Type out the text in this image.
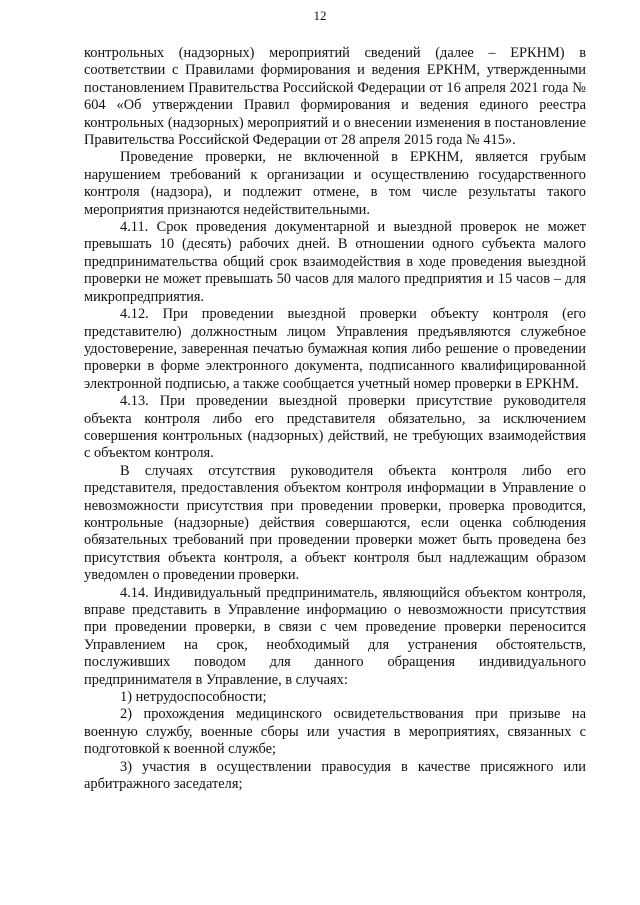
12

контрольных (надзорных) мероприятий сведений (далее – ЕРКНМ) в соответствии с Правилами формирования и ведения ЕРКНМ, утвержденными постановлением Правительства Российской Федерации от 16 апреля 2021 года № 604 «Об утверждении Правил формирования и ведения единого реестра контрольных (надзорных) мероприятий и о внесении изменения в постановление Правительства Российской Федерации от 28 апреля 2015 года № 415».

Проведение проверки, не включенной в ЕРКНМ, является грубым нарушением требований к организации и осуществлению государственного контроля (надзора), и подлежит отмене, в том числе результаты такого мероприятия признаются недействительными.

4.11. Срок проведения документарной и выездной проверок не может превышать 10 (десять) рабочих дней. В отношении одного субъекта малого предпринимательства общий срок взаимодействия в ходе проведения выездной проверки не может превышать 50 часов для малого предприятия и 15 часов – для микропредприятия.

4.12. При проведении выездной проверки объекту контроля (его представителю) должностным лицом Управления предъявляются служебное удостоверение, заверенная печатью бумажная копия либо решение о проведении проверки в форме электронного документа, подписанного квалифицированной электронной подписью, а также сообщается учетный номер проверки в ЕРКНМ.

4.13. При проведении выездной проверки присутствие руководителя объекта контроля либо его представителя обязательно, за исключением совершения контрольных (надзорных) действий, не требующих взаимодействия с объектом контроля.

В случаях отсутствия руководителя объекта контроля либо его представителя, предоставления объектом контроля информации в Управление о невозможности присутствия при проведении проверки, проверка проводится, контрольные (надзорные) действия совершаются, если оценка соблюдения обязательных требований при проведении проверки может быть проведена без присутствия объекта контроля, а объект контроля был надлежащим образом уведомлен о проведении проверки.

4.14. Индивидуальный предприниматель, являющийся объектом контроля, вправе представить в Управление информацию о невозможности присутствия при проведении проверки, в связи с чем проведение проверки переносится Управлением на срок, необходимый для устранения обстоятельств, послуживших поводом для данного обращения индивидуального предпринимателя в Управление, в случаях:

1) нетрудоспособности;

2) прохождения медицинского освидетельствования при призыве на военную службу, военные сборы или участия в мероприятиях, связанных с подготовкой к военной службе;

3) участия в осуществлении правосудия в качестве присяжного или арбитражного заседателя;
